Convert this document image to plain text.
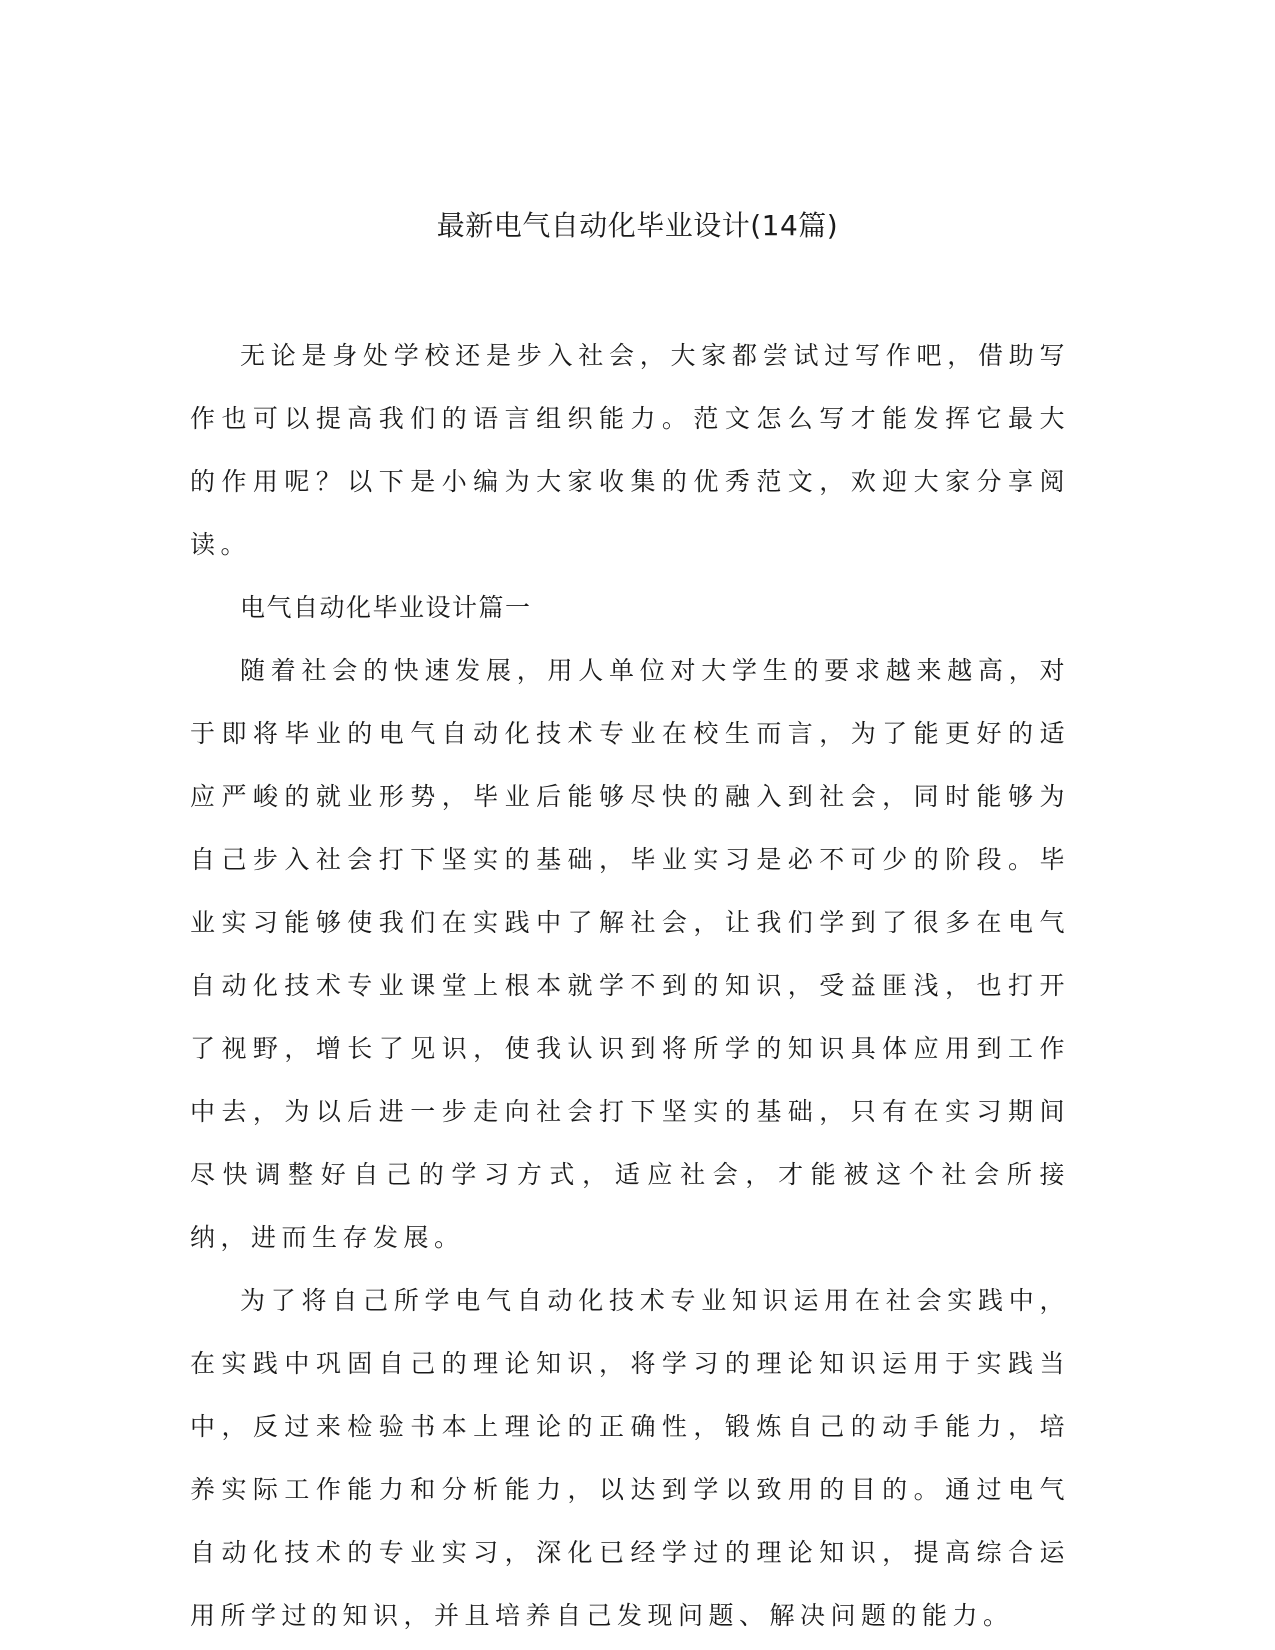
最新电气自动化毕业设计(14篇)

无论是身处学校还是步入社会，大家都尝试过写作吧，借助写作也可以提高我们的语言组织能力。范文怎么写才能发挥它最大的作用呢？以下是小编为大家收集的优秀范文，欢迎大家分享阅读。

电气自动化毕业设计篇一

随着社会的快速发展，用人单位对大学生的要求越来越高，对于即将毕业的电气自动化技术专业在校生而言，为了能更好的适应严峻的就业形势，毕业后能够尽快的融入到社会，同时能够为自己步入社会打下坚实的基础，毕业实习是必不可少的阶段。毕业实习能够使我们在实践中了解社会，让我们学到了很多在电气自动化技术专业课堂上根本就学不到的知识，受益匪浅，也打开了视野，增长了见识，使我认识到将所学的知识具体应用到工作中去，为以后进一步走向社会打下坚实的基础，只有在实习期间尽快调整好自己的学习方式，适应社会，才能被这个社会所接纳，进而生存发展。

为了将自己所学电气自动化技术专业知识运用在社会实践中，在实践中巩固自己的理论知识，将学习的理论知识运用于实践当中，反过来检验书本上理论的正确性，锻炼自己的动手能力，培养实际工作能力和分析能力，以达到学以致用的目的。通过电气自动化技术的专业实习，深化已经学过的理论知识，提高综合运用所学过的知识，并且培养自己发现问题、解决问题的能力。
